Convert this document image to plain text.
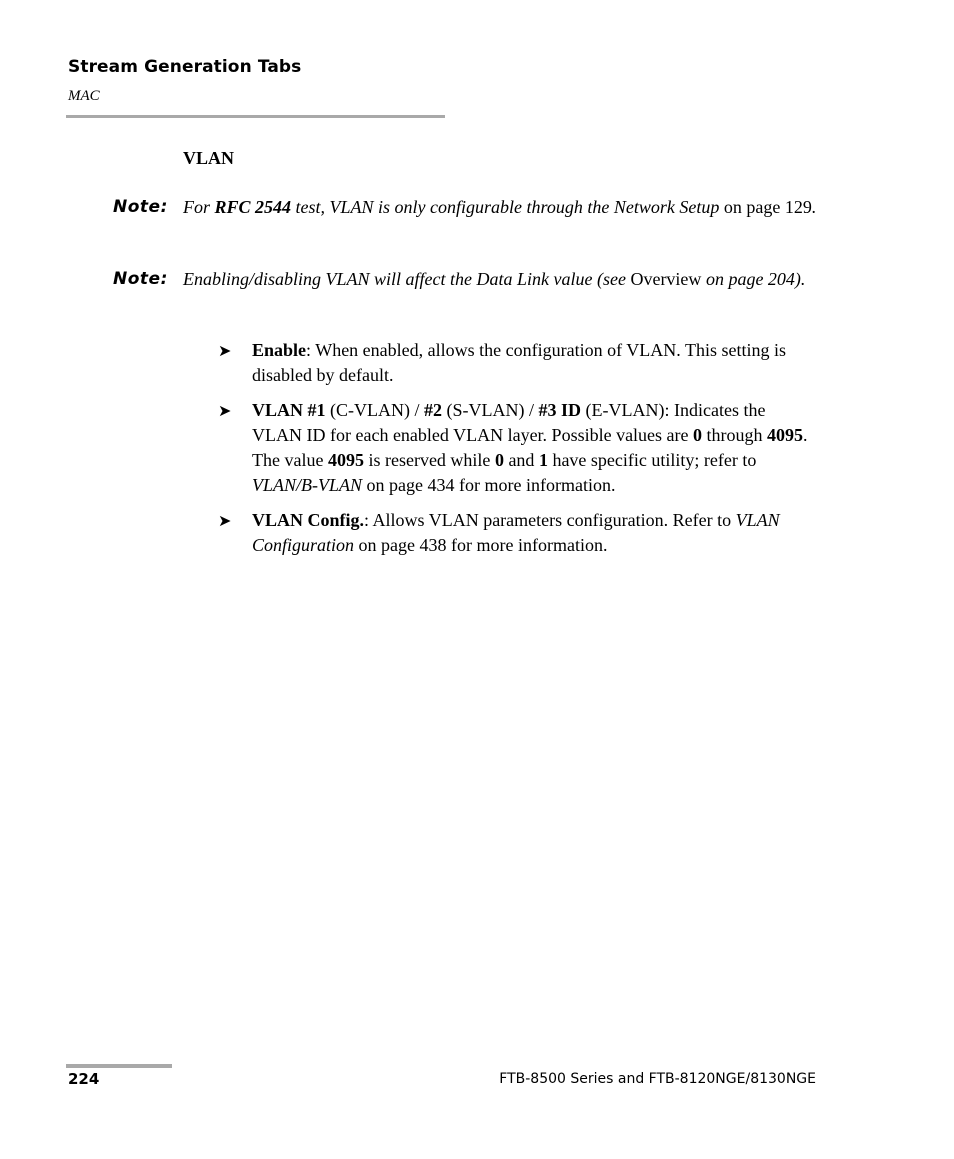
Stream Generation Tabs
MAC
VLAN
Note: For RFC 2544 test, VLAN is only configurable through the Network Setup on page 129.
Note: Enabling/disabling VLAN will affect the Data Link value (see Overview on page 204).
➤ Enable: When enabled, allows the configuration of VLAN. This setting is disabled by default.
➤ VLAN #1 (C-VLAN) / #2 (S-VLAN) / #3 ID (E-VLAN): Indicates the VLAN ID for each enabled VLAN layer. Possible values are 0 through 4095. The value 4095 is reserved while 0 and 1 have specific utility; refer to VLAN/B-VLAN on page 434 for more information.
➤ VLAN Config.: Allows VLAN parameters configuration. Refer to VLAN Configuration on page 438 for more information.
224	FTB-8500 Series and FTB-8120NGE/8130NGE
